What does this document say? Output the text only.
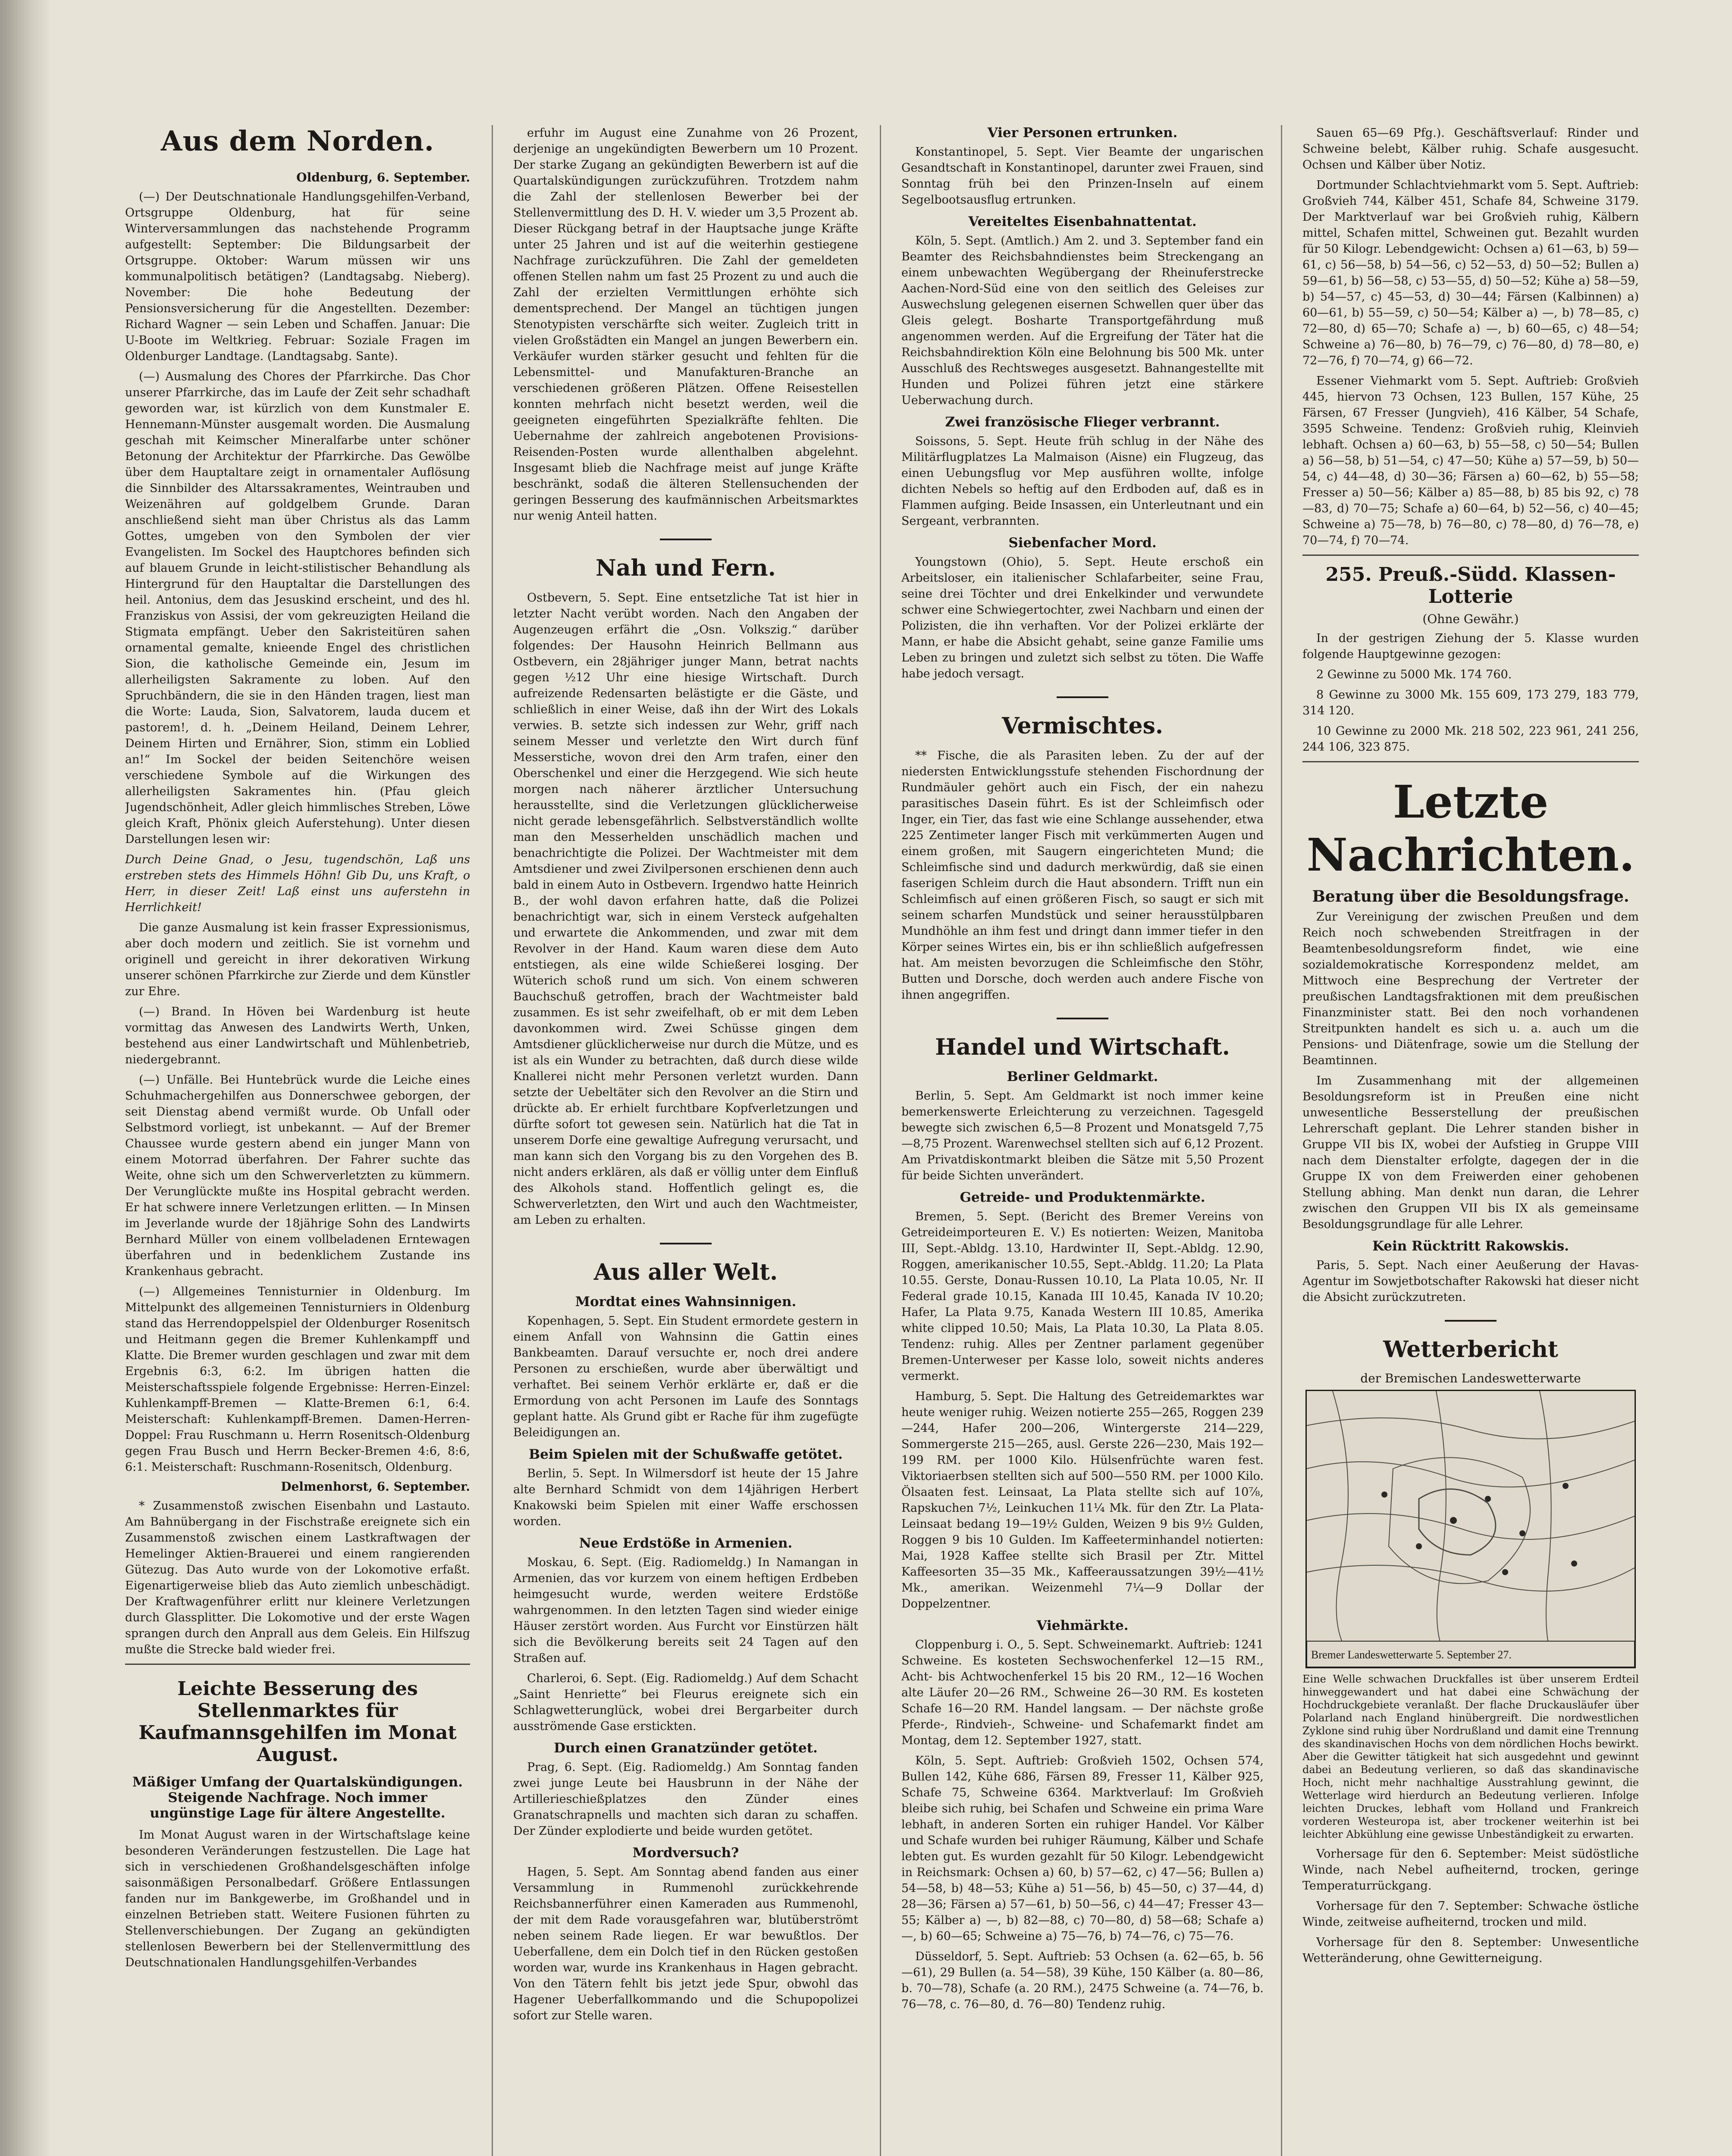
Aus dem Norden.
Oldenburg, 6. September.

(—) Der Deutschnationale Handlungsgehilfen-Verband, Ortsgruppe Oldenburg, hat für seine Winterversammlungen das nachstehende Programm aufgestellt: September: Die Bildungsarbeit der Ortsgruppe. Oktober: Warum müssen wir uns kommunalpolitisch betätigen? (Landtagsabg. Nieberg). November: Die hohe Bedeutung der Pensionsversicherung für die Angestellten. Dezember: Richard Wagner — sein Leben und Schaffen. Januar: Die U-Boote im Weltkrieg. Februar: Soziale Fragen im Oldenburger Landtage. (Landtagsabg. Sante).

(—) Ausmalung des Chores der Pfarrkirche. Das Chor unserer Pfarrkirche, das im Laufe der Zeit sehr schadhaft geworden war, ist kürzlich von dem Kunstmaler E. Hennemann-Münster ausgemalt worden. Die Ausmalung geschah mit Keimscher Mineralfarbe unter schöner Betonung der Architektur der Pfarrkirche. Das Gewölbe über dem Hauptaltare zeigt in ornamentaler Auflösung die Sinnbilder des Altarssakramentes, Weintrauben und Weizenähren auf goldgelbem Grunde. Daran anschließend sieht man über Christus als das Lamm Gottes, umgeben von den Symbolen der vier Evangelisten. Im Sockel des Hauptchores befinden sich auf blauem Grunde in leicht-stilistischer Behandlung als Hintergrund für den Hauptaltar die Darstellungen des heil. Antonius, dem das Jesuskind erscheint, und des hl. Franziskus von Assisi, der vom gekreuzigten Heiland die Stigmata empfängt. Ueber den Sakristeitüren sahen ornamental gemalte, knieende Engel des christlichen Sion, die katholische Gemeinde ein, Jesum im allerheiligsten Sakramente zu loben. Auf den Spruchbändern, die sie in den Händen tragen, liest man die Worte: Lauda, Sion, Salvatorem, lauda ducem et pastorem!, d. h. „Deinem Heiland, Deinem Lehrer, Deinem Hirten und Ernährer, Sion, stimm ein Loblied an!“ Im Sockel der beiden Seitenchöre weisen verschiedene Symbole auf die Wirkungen des allerheiligsten Sakramentes hin. (Pfau gleich Jugendschönheit, Adler gleich himmlisches Streben, Löwe gleich Kraft, Phönix gleich Auferstehung). Unter diesen Darstellungen lesen wir:

Durch Deine Gnad, o Jesu, tugendschön, Laß uns erstreben stets des Himmels Höhn! Gib Du, uns Kraft, o Herr, in dieser Zeit! Laß einst uns auferstehn in Herrlichkeit!

Die ganze Ausmalung ist kein frasser Expressionismus, aber doch modern und zeitlich. Sie ist vornehm und originell und gereicht in ihrer dekorativen Wirkung unserer schönen Pfarrkirche zur Zierde und dem Künstler zur Ehre.

(—) Brand. In Höven bei Wardenburg ist heute vormittag das Anwesen des Landwirts Werth, Unken, bestehend aus einer Landwirtschaft und Mühlenbetrieb, niedergebrannt.

(—) Unfälle. Bei Huntebrück wurde die Leiche eines Schuhmachergehilfen aus Donnerschwee geborgen, der seit Dienstag abend vermißt wurde. Ob Unfall oder Selbstmord vorliegt, ist unbekannt. — Auf der Bremer Chaussee wurde gestern abend ein junger Mann von einem Motorrad überfahren. Der Fahrer suchte das Weite, ohne sich um den Schwerverletzten zu kümmern. Der Verunglückte mußte ins Hospital gebracht werden. Er hat schwere innere Verletzungen erlitten. — In Minsen im Jeverlande wurde der 18jährige Sohn des Landwirts Bernhard Müller von einem vollbeladenen Erntewagen überfahren und in bedenklichem Zustande ins Krankenhaus gebracht.

(—) Allgemeines Tennisturnier in Oldenburg. Im Mittelpunkt des allgemeinen Tennisturniers in Oldenburg stand das Herrendoppelspiel der Oldenburger Rosenitsch und Heitmann gegen die Bremer Kuhlenkampff und Klatte. Die Bremer wurden geschlagen und zwar mit dem Ergebnis 6:3, 6:2. Im übrigen hatten die Meisterschaftsspiele folgende Ergebnisse: Herren-Einzel: Kuhlenkampff-Bremen — Klatte-Bremen 6:1, 6:4. Meisterschaft: Kuhlenkampff-Bremen. Damen-Herren-Doppel: Frau Ruschmann u. Herrn Rosenitsch-Oldenburg gegen Frau Busch und Herrn Becker-Bremen 4:6, 8:6, 6:1. Meisterschaft: Ruschmann-Rosenitsch, Oldenburg.

Delmenhorst, 6. September.

* Zusammenstoß zwischen Eisenbahn und Lastauto. Am Bahnübergang in der Fischstraße ereignete sich ein Zusammenstoß zwischen einem Lastkraftwagen der Hemelinger Aktien-Brauerei und einem rangierenden Gütezug. Das Auto wurde von der Lokomotive erfaßt. Eigenartigerweise blieb das Auto ziemlich unbeschädigt. Der Kraftwagenführer erlitt nur kleinere Verletzungen durch Glassplitter. Die Lokomotive und der erste Wagen sprangen durch den Anprall aus dem Geleis. Ein Hilfszug mußte die Strecke bald wieder frei.

Leichte Besserung des Stellenmarktes für Kaufmannsgehilfen im Monat August.
Mäßiger Umfang der Quartalskündigungen. Steigende Nachfrage. Noch immer ungünstige Lage für ältere Angestellte.

Im Monat August waren in der Wirtschaftslage keine besonderen Veränderungen festzustellen. Die Lage hat sich in verschiedenen Großhandelsgeschäften infolge saisonmäßigen Personalbedarf. Größere Entlassungen fanden nur im Bankgewerbe, im Großhandel und in einzelnen Betrieben statt. Weitere Fusionen führten zu Stellenverschiebungen. Der Zugang an gekündigten stellenlosen Bewerbern bei der Stellenvermittlung des Deutschnationalen Handlungsgehilfen-Verbandes

erfuhr im August eine Zunahme von 26 Prozent, derjenige an ungekündigten Bewerbern um 10 Prozent. Der starke Zugang an gekündigten Bewerbern ist auf die Quartalskündigungen zurückzuführen. Trotzdem nahm die Zahl der stellenlosen Bewerber bei der Stellenvermittlung des D. H. V. wieder um 3,5 Prozent ab. Dieser Rückgang betraf in der Hauptsache junge Kräfte unter 25 Jahren und ist auf die weiterhin gestiegene Nachfrage zurückzuführen. Die Zahl der gemeldeten offenen Stellen nahm um fast 25 Prozent zu und auch die Zahl der erzielten Vermittlungen erhöhte sich dementsprechend. Der Mangel an tüchtigen jungen Stenotypisten verschärfte sich weiter. Zugleich tritt in vielen Großstädten ein Mangel an jungen Bewerbern ein. Verkäufer wurden stärker gesucht und fehlten für die Lebensmittel- und Manufakturen-Branche an verschiedenen größeren Plätzen. Offene Reisestellen konnten mehrfach nicht besetzt werden, weil die geeigneten eingeführten Spezialkräfte fehlten. Die Uebernahme der zahlreich angebotenen Provisions-Reisenden-Posten wurde allenthalben abgelehnt. Insgesamt blieb die Nachfrage meist auf junge Kräfte beschränkt, sodaß die älteren Stellensuchenden der geringen Besserung des kaufmännischen Arbeitsmarktes nur wenig Anteil hatten.

Nah und Fern.

Ostbevern, 5. Sept. Eine entsetzliche Tat ist hier in letzter Nacht verübt worden. Nach den Angaben der Augenzeugen erfährt die „Osn. Volkszig.“ darüber folgendes: Der Hausohn Heinrich Bellmann aus Ostbevern, ein 28jähriger junger Mann, betrat nachts gegen ½12 Uhr eine hiesige Wirtschaft. Durch aufreizende Redensarten belästigte er die Gäste, und schließlich in einer Weise, daß ihn der Wirt des Lokals verwies. B. setzte sich indessen zur Wehr, griff nach seinem Messer und verletzte den Wirt durch fünf Messerstiche, wovon drei den Arm trafen, einer den Oberschenkel und einer die Herzgegend. Wie sich heute morgen nach näherer ärztlicher Untersuchung herausstellte, sind die Verletzungen glücklicherweise nicht gerade lebensgefährlich. Selbstverständlich wollte man den Messerhelden unschädlich machen und benachrichtigte die Polizei. Der Wachtmeister mit dem Amtsdiener und zwei Zivilpersonen erschienen denn auch bald in einem Auto in Ostbevern. Irgendwo hatte Heinrich B., der wohl davon erfahren hatte, daß die Polizei benachrichtigt war, sich in einem Versteck aufgehalten und erwartete die Ankommenden, und zwar mit dem Revolver in der Hand. Kaum waren diese dem Auto entstiegen, als eine wilde Schießerei losging. Der Wüterich schoß rund um sich. Von einem schweren Bauchschuß getroffen, brach der Wachtmeister bald zusammen. Es ist sehr zweifelhaft, ob er mit dem Leben davonkommen wird. Zwei Schüsse gingen dem Amtsdiener glücklicherweise nur durch die Mütze, und es ist als ein Wunder zu betrachten, daß durch diese wilde Knallerei nicht mehr Personen verletzt wurden. Dann setzte der Uebeltäter sich den Revolver an die Stirn und drückte ab. Er erhielt furchtbare Kopfverletzungen und dürfte sofort tot gewesen sein. Natürlich hat die Tat in unserem Dorfe eine gewaltige Aufregung verursacht, und man kann sich den Vorgang bis zu den Vorgehen des B. nicht anders erklären, als daß er völlig unter dem Einfluß des Alkohols stand. Hoffentlich gelingt es, die Schwerverletzten, den Wirt und auch den Wachtmeister, am Leben zu erhalten.

Aus aller Welt.
Mordtat eines Wahnsinnigen.

Kopenhagen, 5. Sept. Ein Student ermordete gestern in einem Anfall von Wahnsinn die Gattin eines Bankbeamten. Darauf versuchte er, noch drei andere Personen zu erschießen, wurde aber überwältigt und verhaftet. Bei seinem Verhör erklärte er, daß er die Ermordung von acht Personen im Laufe des Sonntags geplant hatte. Als Grund gibt er Rache für ihm zugefügte Beleidigungen an.

Beim Spielen mit der Schußwaffe getötet.

Berlin, 5. Sept. In Wilmersdorf ist heute der 15 Jahre alte Bernhard Schmidt von dem 14jährigen Herbert Knakowski beim Spielen mit einer Waffe erschossen worden.

Neue Erdstöße in Armenien.

Moskau, 6. Sept. (Eig. Radiomeldg.) In Namangan in Armenien, das vor kurzem von einem heftigen Erdbeben heimgesucht wurde, werden weitere Erdstöße wahrgenommen. In den letzten Tagen sind wieder einige Häuser zerstört worden. Aus Furcht vor Einstürzen hält sich die Bevölkerung bereits seit 24 Tagen auf den Straßen auf.

Charleroi, 6. Sept. (Eig. Radiomeldg.) Auf dem Schacht „Saint Henriette“ bei Fleurus ereignete sich ein Schlagwetterunglück, wobei drei Bergarbeiter durch ausströmende Gase erstickten.

Durch einen Granatzünder getötet.

Prag, 6. Sept. (Eig. Radiomeldg.) Am Sonntag fanden zwei junge Leute bei Hausbrunn in der Nähe der Artillerieschießplatzes den Zünder eines Granatschrapnells und machten sich daran zu schaffen. Der Zünder explodierte und beide wurden getötet.

Mordversuch?

Hagen, 5. Sept. Am Sonntag abend fanden aus einer Versammlung in Rummenohl zurückkehrende Reichsbannerführer einen Kameraden aus Rummenohl, der mit dem Rade vorausgefahren war, blutüberströmt neben seinem Rade liegen. Er war bewußtlos. Der Ueberfallene, dem ein Dolch tief in den Rücken gestoßen worden war, wurde ins Krankenhaus in Hagen gebracht. Von den Tätern fehlt bis jetzt jede Spur, obwohl das Hagener Ueberfallkommando und die Schupopolizei sofort zur Stelle waren.

Vier Personen ertrunken.

Konstantinopel, 5. Sept. Vier Beamte der ungarischen Gesandtschaft in Konstantinopel, darunter zwei Frauen, sind Sonntag früh bei den Prinzen-Inseln auf einem Segelbootsausflug ertrunken.

Vereiteltes Eisenbahnattentat.

Köln, 5. Sept. (Amtlich.) Am 2. und 3. September fand ein Beamter des Reichsbahndienstes beim Streckengang an einem unbewachten Wegübergang der Rheinuferstrecke Aachen-Nord-Süd eine von den seitlich des Geleises zur Auswechslung gelegenen eisernen Schwellen quer über das Gleis gelegt. Bosharte Transportgefährdung muß angenommen werden. Auf die Ergreifung der Täter hat die Reichsbahndirektion Köln eine Belohnung bis 500 Mk. unter Ausschluß des Rechtsweges ausgesetzt. Bahnangestellte mit Hunden und Polizei führen jetzt eine stärkere Ueberwachung durch.

Zwei französische Flieger verbrannt.

Soissons, 5. Sept. Heute früh schlug in der Nähe des Militärflugplatzes La Malmaison (Aisne) ein Flugzeug, das einen Uebungsflug vor Mep ausführen wollte, infolge dichten Nebels so heftig auf den Erdboden auf, daß es in Flammen aufging. Beide Insassen, ein Unterleutnant und ein Sergeant, verbrannten.

Siebenfacher Mord.

Youngstown (Ohio), 5. Sept. Heute erschoß ein Arbeitsloser, ein italienischer Schlafarbeiter, seine Frau, seine drei Töchter und drei Enkelkinder und verwundete schwer eine Schwiegertochter, zwei Nachbarn und einen der Polizisten, die ihn verhaften. Vor der Polizei erklärte der Mann, er habe die Absicht gehabt, seine ganze Familie ums Leben zu bringen und zuletzt sich selbst zu töten. Die Waffe habe jedoch versagt.

Vermischtes.

** Fische, die als Parasiten leben. Zu der auf der niedersten Entwicklungsstufe stehenden Fischordnung der Rundmäuler gehört auch ein Fisch, der ein nahezu parasitisches Dasein führt. Es ist der Schleimfisch oder Inger, ein Tier, das fast wie eine Schlange aussehender, etwa 225 Zentimeter langer Fisch mit verkümmerten Augen und einem großen, mit Saugern eingerichteten Mund; die Schleimfische sind und dadurch merkwürdig, daß sie einen faserigen Schleim durch die Haut absondern. Trifft nun ein Schleimfisch auf einen größeren Fisch, so saugt er sich mit seinem scharfen Mundstück und seiner herausstülpbaren Mundhöhle an ihm fest und dringt dann immer tiefer in den Körper seines Wirtes ein, bis er ihn schließlich aufgefressen hat. Am meisten bevorzugen die Schleimfische den Stöhr, Butten und Dorsche, doch werden auch andere Fische von ihnen angegriffen.

Handel und Wirtschaft.
Berliner Geldmarkt.

Berlin, 5. Sept. Am Geldmarkt ist noch immer keine bemerkenswerte Erleichterung zu verzeichnen. Tagesgeld bewegte sich zwischen 6,5—8 Prozent und Monatsgeld 7,75—8,75 Prozent. Warenwechsel stellten sich auf 6,12 Prozent. Am Privatdiskontmarkt bleiben die Sätze mit 5,50 Prozent für beide Sichten unverändert.

Getreide- und Produktenmärkte.

Bremen, 5. Sept. (Bericht des Bremer Vereins von Getreideimporteuren E. V.) Es notierten: Weizen, Manitoba III, Sept.-Abldg. 13.10, Hardwinter II, Sept.-Abldg. 12.90, Roggen, amerikanischer 10.55, Sept.-Abldg. 11.20; La Plata 10.55. Gerste, Donau-Russen 10.10, La Plata 10.05, Nr. II Federal grade 10.15, Kanada III 10.45, Kanada IV 10.20; Hafer, La Plata 9.75, Kanada Western III 10.85, Amerika white clipped 10.50; Mais, La Plata 10.30, La Plata 8.05. Tendenz: ruhig. Alles per Zentner parlament gegenüber Bremen-Unterweser per Kasse lolo, soweit nichts anderes vermerkt.

Hamburg, 5. Sept. Die Haltung des Getreidemarktes war heute weniger ruhig. Weizen notierte 255—265, Roggen 239—244, Hafer 200—206, Wintergerste 214—229, Sommergerste 215—265, ausl. Gerste 226—230, Mais 192—199 RM. per 1000 Kilo. Hülsenfrüchte waren fest. Viktoriaerbsen stellten sich auf 500—550 RM. per 1000 Kilo. Ölsaaten fest. Leinsaat, La Plata stellte sich auf 10⅞, Rapskuchen 7½, Leinkuchen 11¼ Mk. für den Ztr. La Plata-Leinsaat bedang 19—19½ Gulden, Weizen 9 bis 9½ Gulden, Roggen 9 bis 10 Gulden. Im Kaffeeterminhandel notierten: Mai, 1928 Kaffee stellte sich Brasil per Ztr. Mittel Kaffeesorten 35—35 Mk., Kaffeeraussatzungen 39½—41½ Mk., amerikan. Weizenmehl 7¼—9 Dollar der Doppelzentner.

Viehmärkte.

Cloppenburg i. O., 5. Sept. Schweinemarkt. Auftrieb: 1241 Schweine. Es kosteten Sechswochenferkel 12—15 RM., Acht- bis Achtwochenferkel 15 bis 20 RM., 12—16 Wochen alte Läufer 20—26 RM., Schweine 26—30 RM. Es kosteten Schafe 16—20 RM. Handel langsam. — Der nächste große Pferde-, Rindvieh-, Schweine- und Schafemarkt findet am Montag, dem 12. September 1927, statt.

Köln, 5. Sept. Auftrieb: Großvieh 1502, Ochsen 574, Bullen 142, Kühe 686, Färsen 89, Fresser 11, Kälber 925, Schafe 75, Schweine 6364. Marktverlauf: Im Großvieh bleibe sich ruhig, bei Schafen und Schweine ein prima Ware lebhaft, in anderen Sorten ein ruhiger Handel. Vor Kälber und Schafe wurden bei ruhiger Räumung, Kälber und Schafe lebten gut. Es wurden gezahlt für 50 Kilogr. Lebendgewicht in Reichsmark: Ochsen a) 60, b) 57—62, c) 47—56; Bullen a) 54—58, b) 48—53; Kühe a) 51—56, b) 45—50, c) 37—44, d) 28—36; Färsen a) 57—61, b) 50—56, c) 44—47; Fresser 43—55; Kälber a) —, b) 82—88, c) 70—80, d) 58—68; Schafe a) —, b) 60—65; Schweine a) 75—76, b) 74—76, c) 75—76.

Düsseldorf, 5. Sept. Auftrieb: 53 Ochsen (a. 62—65, b. 56—61), 29 Bullen (a. 54—58), 39 Kühe, 150 Kälber (a. 80—86, b. 70—78), Schafe (a. 20 RM.), 2475 Schweine (a. 74—76, b. 76—78, c. 76—80, d. 76—80) Tendenz ruhig.

Sauen 65—69 Pfg.). Geschäftsverlauf: Rinder und Schweine belebt, Kälber ruhig. Schafe ausgesucht. Ochsen und Kälber über Notiz.

Dortmunder Schlachtviehmarkt vom 5. Sept. Auftrieb: Großvieh 744, Kälber 451, Schafe 84, Schweine 3179. Der Marktverlauf war bei Großvieh ruhig, Kälbern mittel, Schafen mittel, Schweinen gut. Bezahlt wurden für 50 Kilogr. Lebendgewicht: Ochsen a) 61—63, b) 59—61, c) 56—58, b) 54—56, c) 52—53, d) 50—52; Bullen a) 59—61, b) 56—58, c) 53—55, d) 50—52; Kühe a) 58—59, b) 54—57, c) 45—53, d) 30—44; Färsen (Kalbinnen) a) 60—61, b) 55—59, c) 50—54; Kälber a) —, b) 78—85, c) 72—80, d) 65—70; Schafe a) —, b) 60—65, c) 48—54; Schweine a) 76—80, b) 76—79, c) 76—80, d) 78—80, e) 72—76, f) 70—74, g) 66—72.

Essener Viehmarkt vom 5. Sept. Auftrieb: Großvieh 445, hiervon 73 Ochsen, 123 Bullen, 157 Kühe, 25 Färsen, 67 Fresser (Jungvieh), 416 Kälber, 54 Schafe, 3595 Schweine. Tendenz: Großvieh ruhig, Kleinvieh lebhaft. Ochsen a) 60—63, b) 55—58, c) 50—54; Bullen a) 56—58, b) 51—54, c) 47—50; Kühe a) 57—59, b) 50—54, c) 44—48, d) 30—36; Färsen a) 60—62, b) 55—58; Fresser a) 50—56; Kälber a) 85—88, b) 85 bis 92, c) 78—83, d) 70—75; Schafe a) 60—64, b) 52—56, c) 40—45; Schweine a) 75—78, b) 76—80, c) 78—80, d) 76—78, e) 70—74, f) 70—74.

255. Preuß.-Südd. Klassen-Lotterie
(Ohne Gewähr.)

In der gestrigen Ziehung der 5. Klasse wurden folgende Hauptgewinne gezogen:

2 Gewinne zu 5000 Mk. 174 760.

8 Gewinne zu 3000 Mk. 155 609, 173 279, 183 779, 314 120.

10 Gewinne zu 2000 Mk. 218 502, 223 961, 241 256, 244 106, 323 875.

Letzte Nachrichten.
Beratung über die Besoldungsfrage.

Zur Vereinigung der zwischen Preußen und dem Reich noch schwebenden Streitfragen in der Beamtenbesoldungsreform findet, wie eine sozialdemokratische Korrespondenz meldet, am Mittwoch eine Besprechung der Vertreter der preußischen Landtagsfraktionen mit dem preußischen Finanzminister statt. Bei den noch vorhandenen Streitpunkten handelt es sich u. a. auch um die Pensions- und Diätenfrage, sowie um die Stellung der Beamtinnen.

Im Zusammenhang mit der allgemeinen Besoldungsreform ist in Preußen eine nicht unwesentliche Besserstellung der preußischen Lehrerschaft geplant. Die Lehrer standen bisher in Gruppe VII bis IX, wobei der Aufstieg in Gruppe VIII nach dem Dienstalter erfolgte, dagegen der in die Gruppe IX von dem Freiwerden einer gehobenen Stellung abhing. Man denkt nun daran, die Lehrer zwischen den Gruppen VII bis IX als gemeinsame Besoldungsgrundlage für alle Lehrer.

Kein Rücktritt Rakowskis.

Paris, 5. Sept. Nach einer Aeußerung der Havas-Agentur im Sowjetbotschafter Rakowski hat dieser nicht die Absicht zurückzutreten.

Wetterbericht
der Bremischen Landeswetterwarte
Bremer Landeswetterwarte 5. September 27.
Eine Welle schwachen Druckfalles ist über unserem Erdteil hinweggewandert und hat dabei eine Schwächung der Hochdruckgebiete veranlaßt. Der flache Druckausläufer über Polarland nach England hinübergreift. Die nordwestlichen Zyklone sind ruhig über Nordrußland und damit eine Trennung des skandinavischen Hochs von dem nördlichen Hochs bewirkt. Aber die Gewitter tätigkeit hat sich ausgedehnt und gewinnt dabei an Bedeutung verlieren, so daß das skandinavische Hoch, nicht mehr nachhaltige Ausstrahlung gewinnt, die Wetterlage wird hierdurch an Bedeutung verlieren. Infolge leichten Druckes, lebhaft vom Holland und Frankreich vorderen Westeuropa ist, aber trockener weiterhin ist bei leichter Abkühlung eine gewisse Unbeständigkeit zu erwarten.

Vorhersage für den 6. September: Meist südöstliche Winde, nach Nebel aufheiternd, trocken, geringe Temperaturrückgang.

Vorhersage für den 7. September: Schwache östliche Winde, zeitweise aufheiternd, trocken und mild.

Vorhersage für den 8. September: Unwesentliche Wetteränderung, ohne Gewitterneigung.
